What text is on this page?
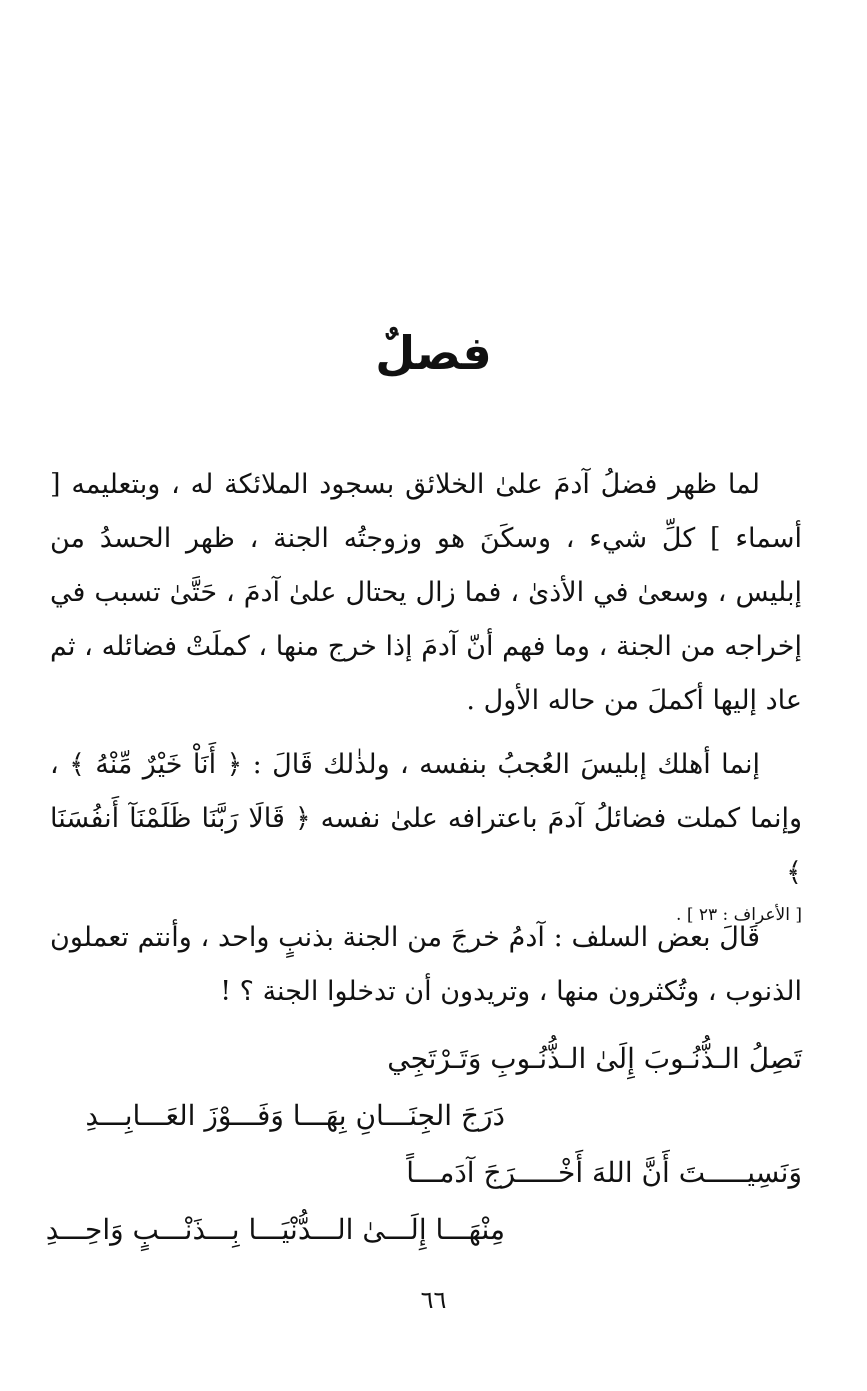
فصلٌ
لما ظهر فضلُ آدمَ علىٰ الخلائق بسجود الملائكة له ، وبتعليمه [ أسماء ] كلِّ شيء ، وسكَنَ هو وزوجتُه الجنة ، ظهر الحسدُ من إبليس ، وسعىٰ في الأذىٰ ، فما زال يحتال علىٰ آدمَ ، حَتَّىٰ تسبب في إخراجه من الجنة ، وما فهم أنّ آدمَ إذا خرج منها ، كملَتْ فضائله ، ثم عاد إليها أكملَ من حاله الأول .
إنما أهلك إبليسَ العُجبُ بنفسه ، ولذٰلك قَالَ : ﴿ أَنَاْ خَيْرٌ مِّنْهُ ﴾ ، وإنما كملت فضائلُ آدمَ باعترافه علىٰ نفسه ﴿ قَالَا رَبَّنَا ظَلَمْنَآ أَنفُسَنَا ﴾
[ الأعراف : ٢٣ ] .
قَالَ بعض السلف : آدمُ خرجَ من الجنة بذنبٍ واحد ، وأنتم تعملون الذنوب ، وتُكثرون منها ، وتريدون أن تدخلوا الجنة ؟ !
تَصِلُ الـذُّنُـوبَ إِلَىٰ الـذُّنُـوبِ وَتَـرْتَجِي
دَرَجَ الجِنَـــانِ بِهَـــا وَفَـــوْزَ العَـــابِـــدِ
وَنَسِيـــــتَ أَنَّ اللهَ أَخْـــــرَجَ آدَمـــاً
مِنْهَـــا إِلَـــىٰ الـــدُّنْيَـــا بِـــذَنْـــبٍ وَاحِـــدِ
٦٦
